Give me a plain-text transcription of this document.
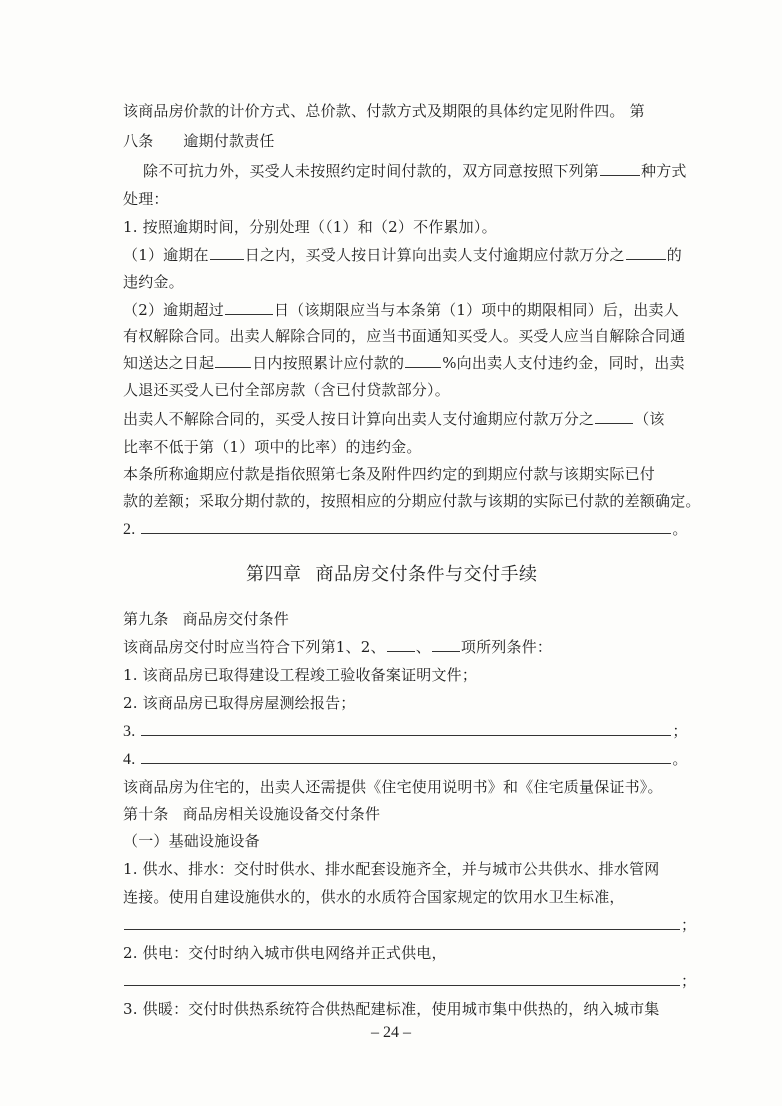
该商品房价款的计价方式、总价款、付款方式及期限的具体约定见附件四。 第
八条 逾期付款责任
除不可抗力外，买受人未按照约定时间付款的，双方同意按照下列第	种方式
处理：
1. 按照逾期时间，分别处理（（1）和（2）不作累加）。
（1）逾期在 日之内，买受人按日计算向出卖人支付逾期应付款万分之	的
违约金。
（2）逾期超过	日（该期限应当与本条第（1）项中的期限相同）后，出卖人
有权解除合同。出卖人解除合同的，应当书面通知买受人。买受人应当自解除合同通
知送达之日起	日内按照累计应付款的	%向出卖人支付违约金，同时，出卖
人退还买受人已付全部房款（含已付贷款部分）。
出卖人不解除合同的，买受人按日计算向出卖人支付逾期应付款万分之	（该
比率不低于第（1）项中的比率）的违约金。
本条所称逾期应付款是指依照第七条及附件四约定的到期应付款与该期实际已付
款的差额；采取分期付款的，按照相应的分期应付款与该期的实际已付款的差额确定。
2.	。
第四章 商品房交付条件与交付手续
第九条 商品房交付条件
该商品房交付时应当符合下列第1、2、 、 项所列条件：
1. 该商品房已取得建设工程竣工验收备案证明文件；
2. 该商品房已取得房屋测绘报告；
3.	；
4.	。
该商品房为住宅的，出卖人还需提供《住宅使用说明书》和《住宅质量保证书》。
第十条 商品房相关设施设备交付条件
（一）基础设施设备
1. 供水、排水：交付时供水、排水配套设施齐全，并与城市公共供水、排水管网
连接。使用自建设施供水的，供水的水质符合国家规定的饮用水卫生标准，
；
2. 供电：交付时纳入城市供电网络并正式供电，
；
3. 供暖：交付时供热系统符合供热配建标准，使用城市集中供热的，纳入城市集
– 24 –
